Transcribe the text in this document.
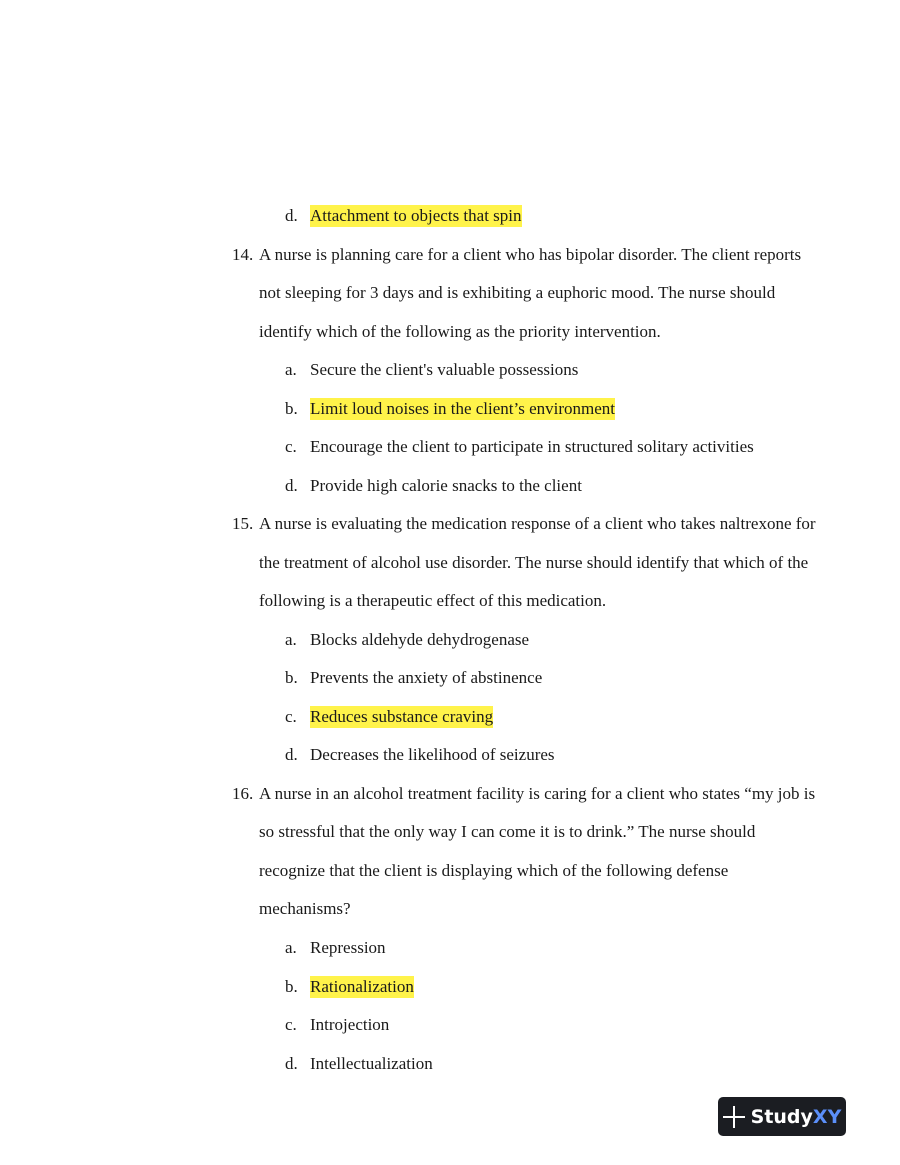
d. Attachment to objects that spin
14. A nurse is planning care for a client who has bipolar disorder. The client reports
not sleeping for 3 days and is exhibiting a euphoric mood. The nurse should
identify which of the following as the priority intervention.
a. Secure the client's valuable possessions
b. Limit loud noises in the client’s environment
c. Encourage the client to participate in structured solitary activities
d. Provide high calorie snacks to the client
15. A nurse is evaluating the medication response of a client who takes naltrexone for
the treatment of alcohol use disorder. The nurse should identify that which of the
following is a therapeutic effect of this medication.
a. Blocks aldehyde dehydrogenase
b. Prevents the anxiety of abstinence
c. Reduces substance craving
d. Decreases the likelihood of seizures
16. A nurse in an alcohol treatment facility is caring for a client who states “my job is
so stressful that the only way I can come it is to drink.” The nurse should
recognize that the client is displaying which of the following defense
mechanisms?
a. Repression
b. Rationalization
c. Introjection
d. Intellectualization
StudyXY
